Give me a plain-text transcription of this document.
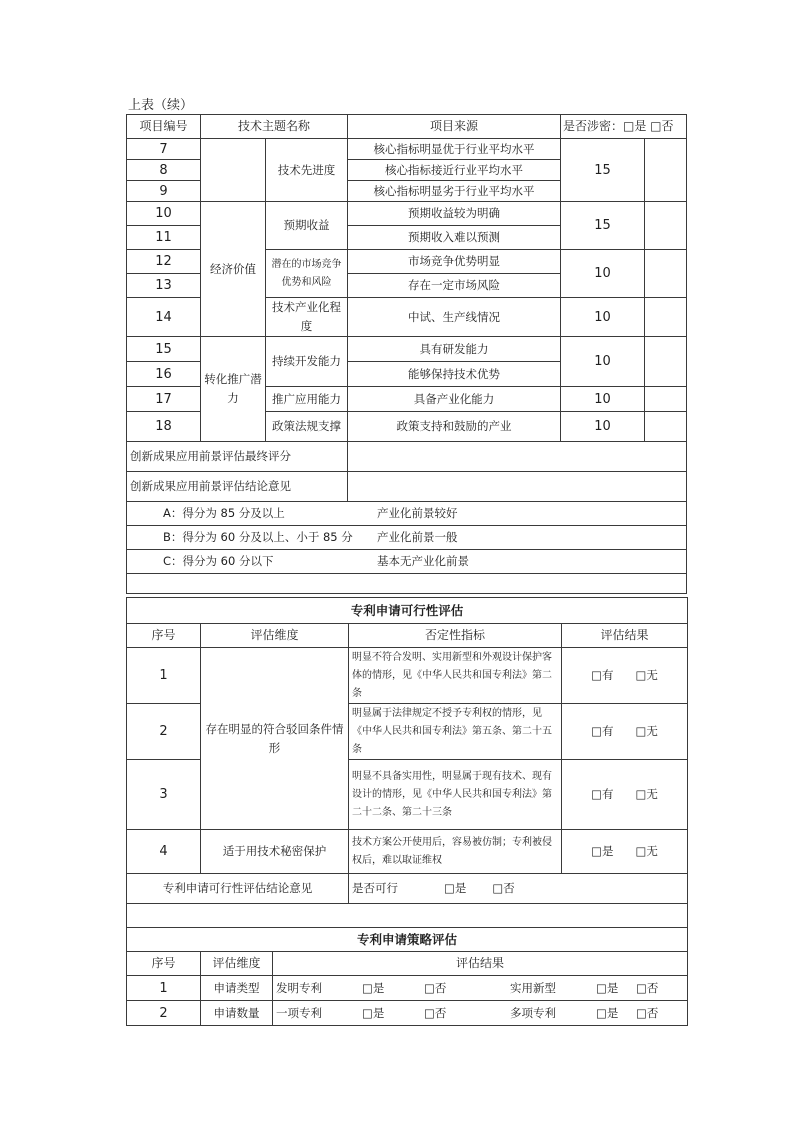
上表（续）
项目编号	技术主题名称		项目来源	是否涉密：□是 □否	
7		技术先进度	核心指标明显优于行业平均水平	15	
8			核心指标接近行业平均水平		
9			核心指标明显劣于行业平均水平		
10	经济价值	预期收益	预期收益较为明确	15	
11			预期收入难以预测		
12		潜在的市场竞争优势和风险	市场竞争优势明显	10	
13			存在一定市场风险		
14		技术产业化程度	中试、生产线情况	10	
15	转化推广潜力	持续开发能力	具有研发能力	10	
16			能够保持技术优势		
17		推广应用能力	具备产业化能力	10	
18		政策法规支撑	政策支持和鼓励的产业	10	
创新成果应用前景评估最终评分					
创新成果应用前景评估结论意见					
A：得分为 85 分及以上 产业化前景较好					
B：得分为 60 分及以上、小于 85 分 产业化前景一般					
C：得分为 60 分以下 基本无产业化前景					

专利申请可行性评估			
序号	评估维度	否定性指标	评估结果
1	存在明显的符合驳回条件情形	明显不符合发明、实用新型和外观设计保护客体的情形，见《中华人民共和国专利法》第二条	□有 □无
2		明显属于法律规定不授予专利权的情形，见《中华人民共和国专利法》第五条、第二十五条	□有 □无
3		明显不具备实用性，明显属于现有技术、现有设计的情形，见《中华人民共和国专利法》第二十二条、第二十三条	□有 □无
4	适于用技术秘密保护	技术方案公开使用后，容易被仿制；专利被侵权后，难以取证维权	□是 □无
专利申请可行性评估结论意见		是否可行 □是 □否	

专利申请策略评估		
序号	评估维度	评估结果
1	申请类型	发明专利 □是 □否 实用新型 □是 □否
2	申请数量	一项专利 □是 □否 多项专利 □是 □否
